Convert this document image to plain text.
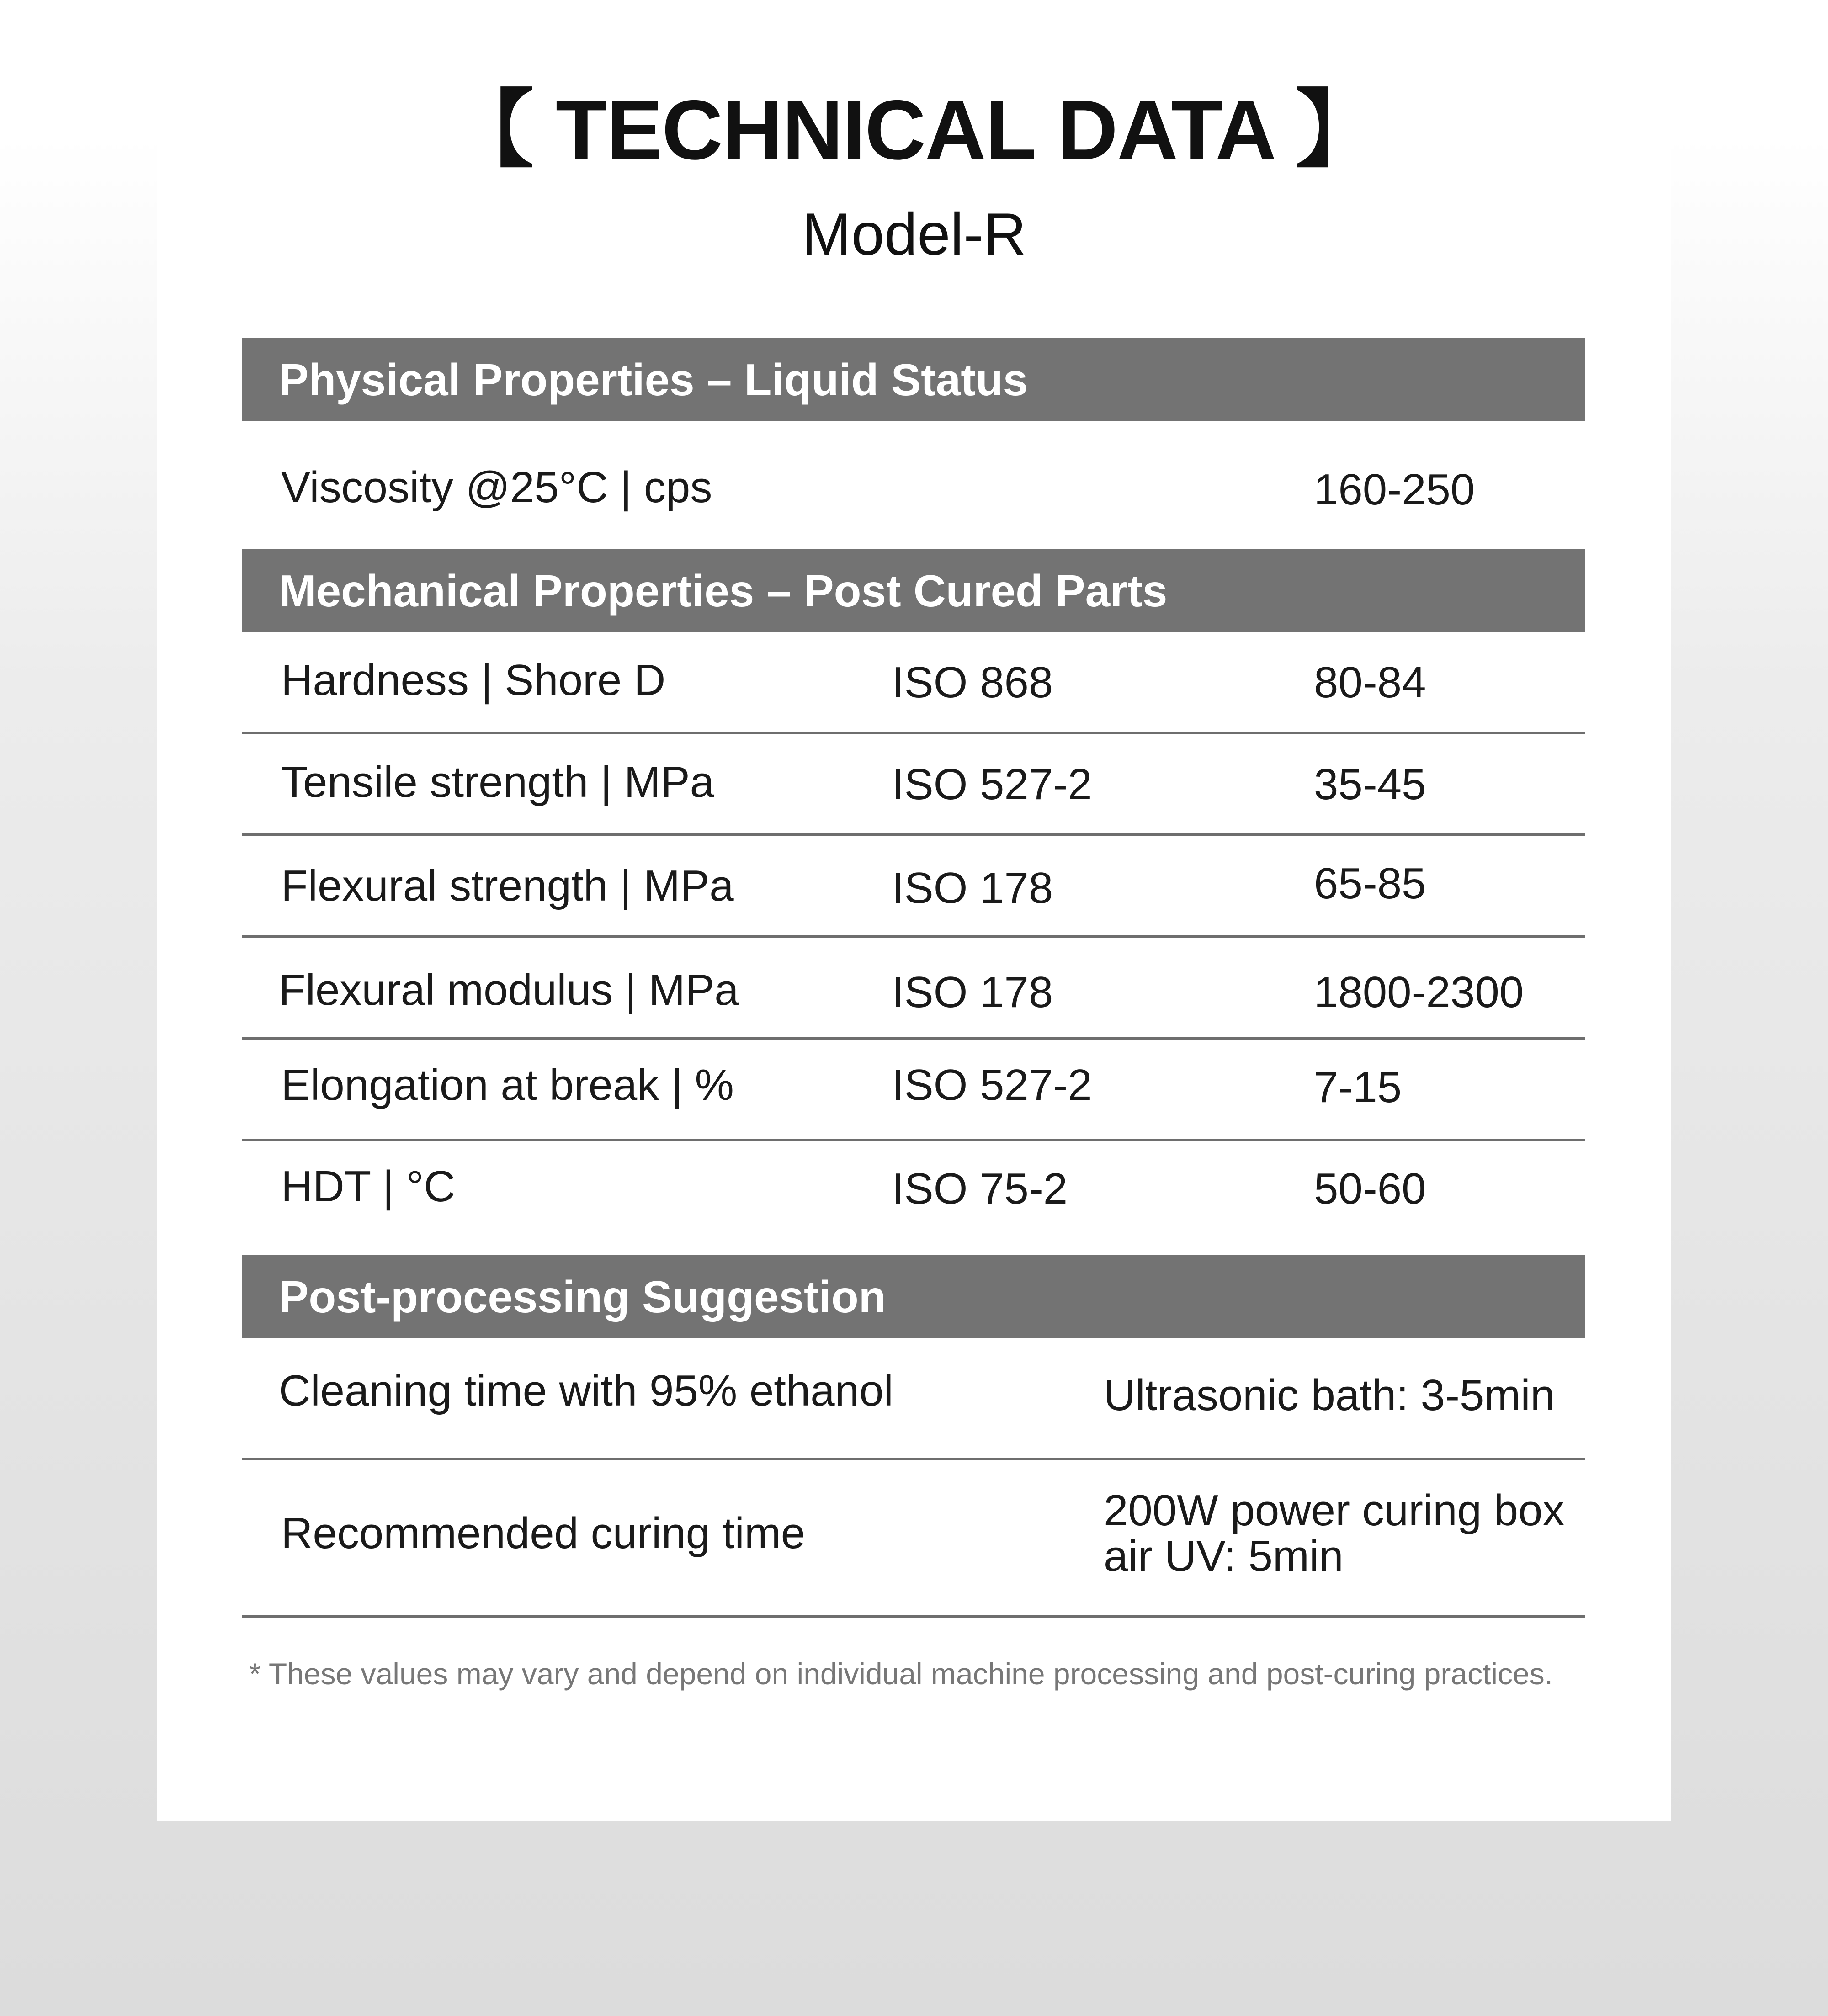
【 TECHNICAL DATA 】
Model-R
Physical Properties – Liquid Status
Viscosity @25°C | cps	160-250
Mechanical Properties – Post Cured Parts
Hardness | Shore D	ISO 868	80-84
Tensile strength | MPa	ISO 527-2	35-45
Flexural strength | MPa	ISO 178	65-85
Flexural modulus | MPa	ISO 178	1800-2300
Elongation at break | %	ISO 527-2	7-15
HDT | °C	ISO 75-2	50-60
Post-processing Suggestion
Cleaning time with 95% ethanol	Ultrasonic bath: 3-5min
Recommended curing time	200W power curing box
air UV: 5min
* These values may vary and depend on individual machine processing and post-curing practices.
